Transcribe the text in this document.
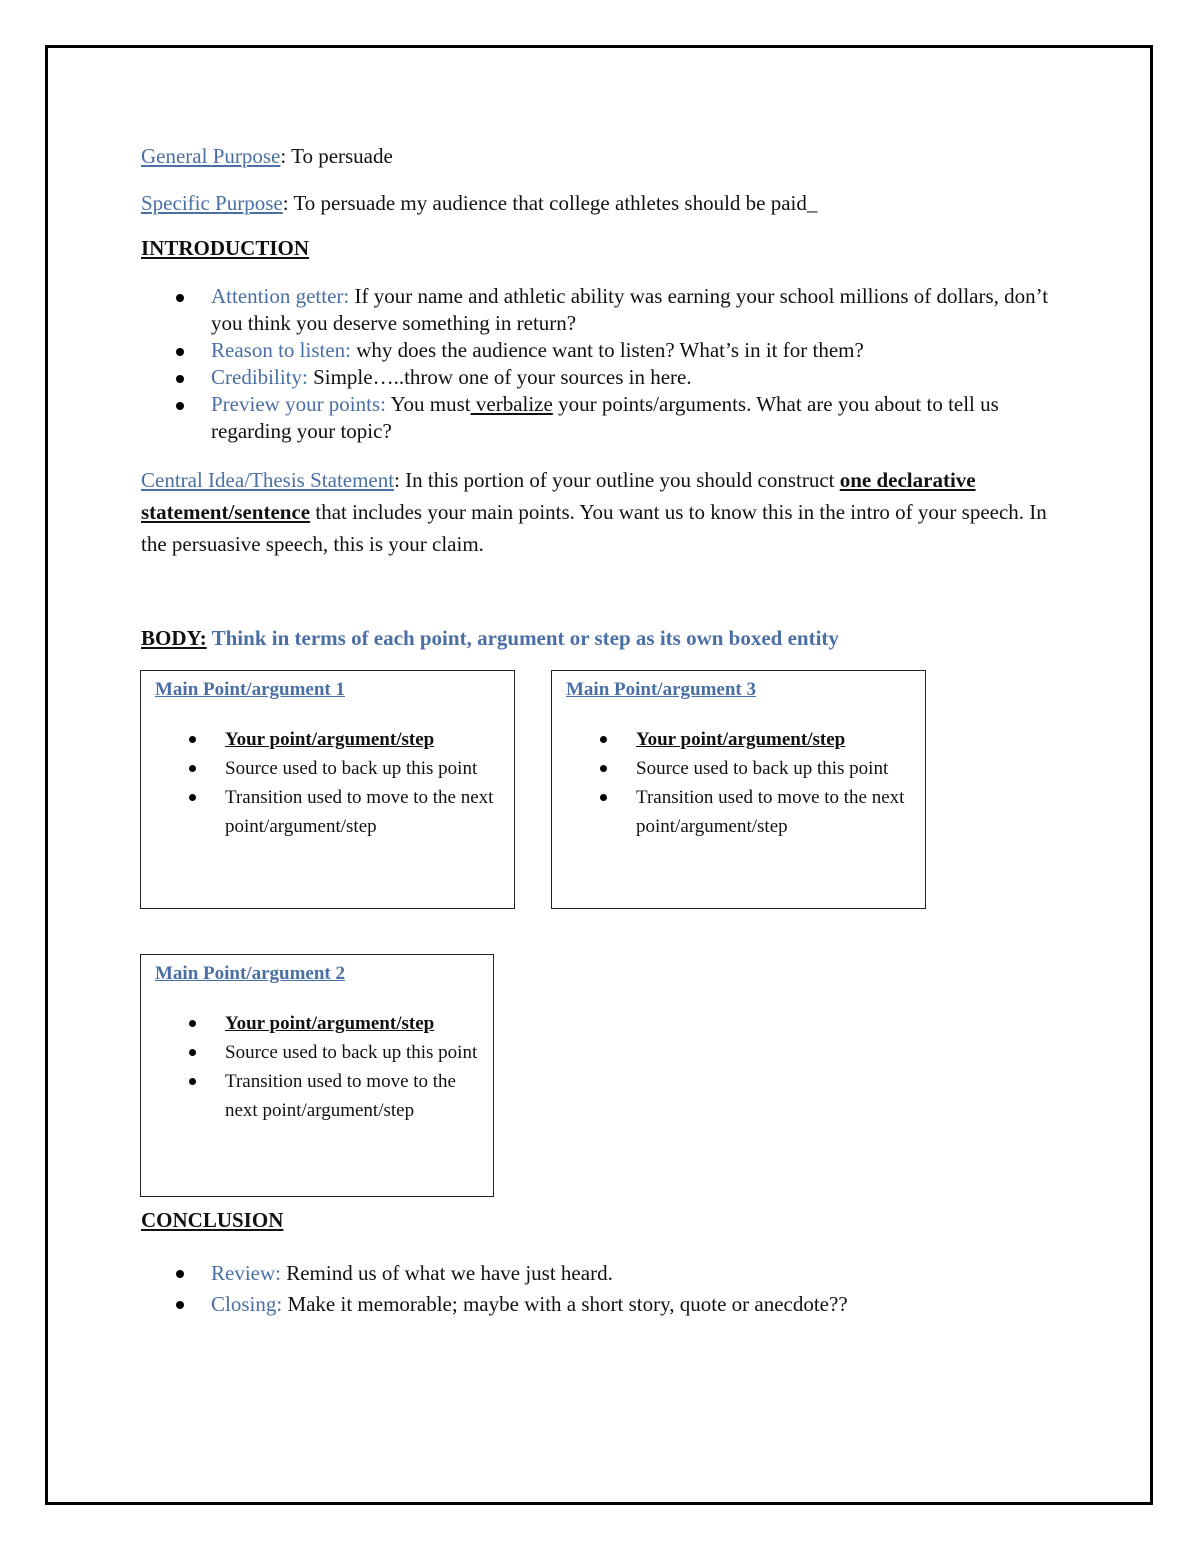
General Purpose: To persuade
Specific Purpose: To persuade my audience that college athletes should be paid_
INTRODUCTION
Attention getter: If your name and athletic ability was earning your school millions of dollars, don’t you think you deserve something in return?
Reason to listen: why does the audience want to listen? What’s in it for them?
Credibility: Simple…..throw one of your sources in here.
Preview your points: You must verbalize your points/arguments. What are you about to tell us regarding your topic?
Central Idea/Thesis Statement: In this portion of your outline you should construct one declarative statement/sentence that includes your main points. You want us to know this in the intro of your speech. In the persuasive speech, this is your claim.
BODY: Think in terms of each point, argument or step as its own boxed entity
Main Point/argument 1
Your point/argument/step
Source used to back up this point
Transition used to move to the next point/argument/step
Main Point/argument 3
Your point/argument/step
Source used to back up this point
Transition used to move to the next point/argument/step
Main Point/argument 2
Your point/argument/step
Source used to back up this point
Transition used to move to the next point/argument/step
CONCLUSION
Review: Remind us of what we have just heard.
Closing: Make it memorable; maybe with a short story, quote or anecdote??
